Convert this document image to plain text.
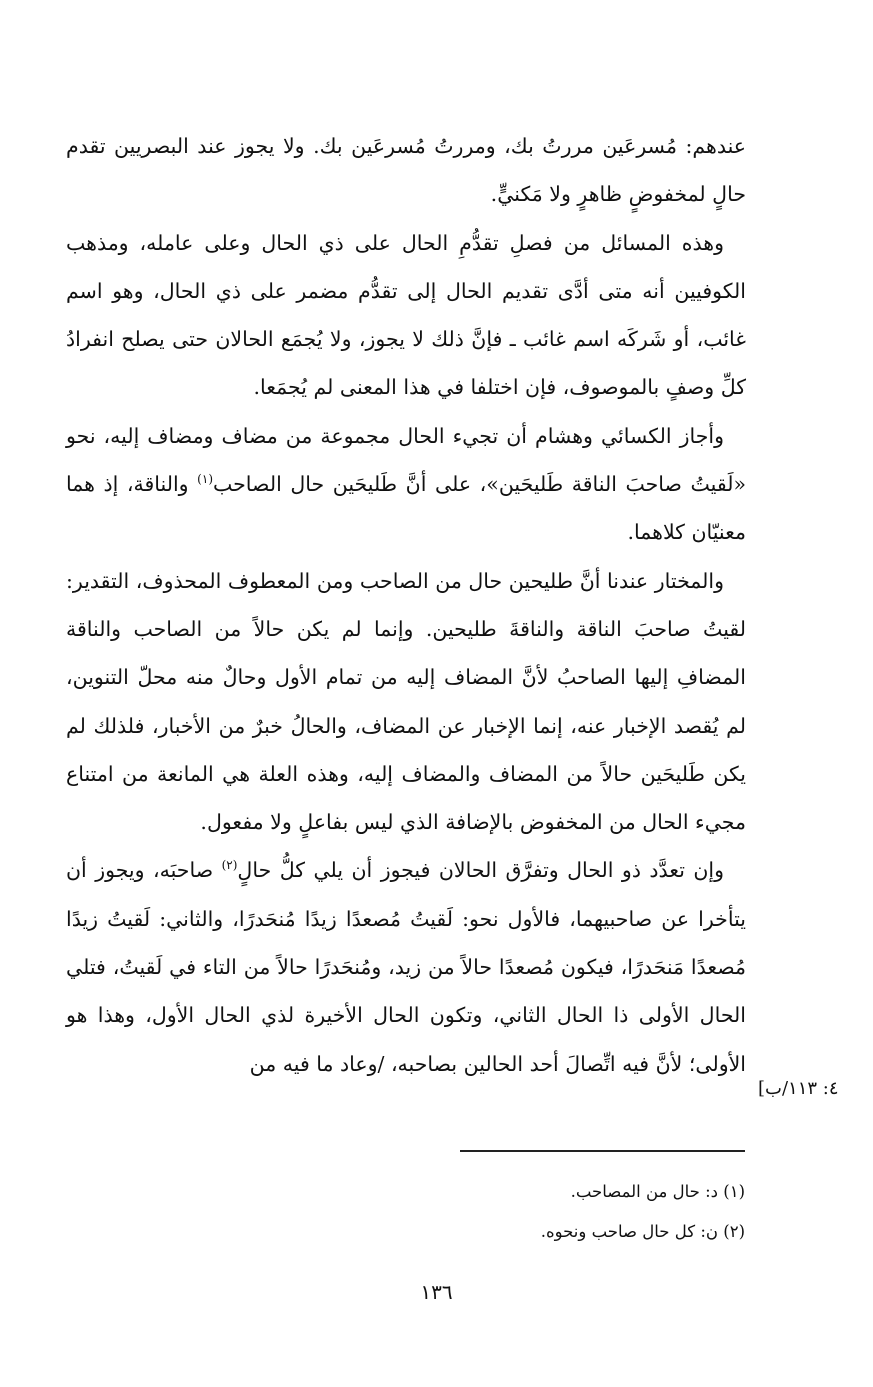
عندهم: مُسرعَين مررتُ بك، ومررتُ مُسرعَين بك. ولا يجوز عند البصريين تقدم حالٍ لمخفوضٍ ظاهرٍ ولا مَكنيٍّ.

وهذه المسائل من فصلِ تقدُّمِ الحال على ذي الحال وعلى عامله، ومذهب الكوفيين أنه متى أدَّى تقديم الحال إلى تقدُّم مضمر على ذي الحال، وهو اسم غائب، أو شَركَه اسم غائب ـ فإنَّ ذلك لا يجوز، ولا يُجمَع الحالان حتى يصلح انفرادُ كلِّ وصفٍ بالموصوف، فإن اختلفا في هذا المعنى لم يُجمَعا.

وأجاز الكسائي وهشام أن تجيء الحال مجموعة من مضاف ومضاف إليه، نحو «لَقيتُ صاحبَ الناقة طَليحَين»، على أنَّ طَليحَين حال الصاحب$^{(١)}$ والناقة، إذ هما معنيّان كلاهما.

والمختار عندنا أنَّ طليحين حال من الصاحب ومن المعطوف المحذوف، التقدير: لقيتُ صاحبَ الناقة والناقةَ طليحين. وإنما لم يكن حالاً من الصاحب والناقة المضافِ إليها الصاحبُ لأنَّ المضاف إليه من تمام الأول وحالٌ منه محلّ التنوين، لم يُقصد الإخبار عنه، إنما الإخبار عن المضاف، والحالُ خبرٌ من الأخبار، فلذلك لم يكن طَليحَين حالاً من المضاف والمضاف إليه، وهذه العلة هي المانعة من امتناع مجيء الحال من المخفوض بالإضافة الذي ليس بفاعلٍ ولا مفعول.

وإن تعدَّد ذو الحال وتفرَّق الحالان فيجوز أن يلي كلُّ حالٍ$^{(٢)}$ صاحبَه، ويجوز أن يتأخرا عن صاحبيهما، فالأول نحو: لَقيتُ مُصعدًا زيدًا مُنحَدرًا، والثاني: لَقيتُ زيدًا مُصعدًا مَنحَدرًا، فيكون مُصعدًا حالاً من زيد، ومُنحَدرًا حالاً من التاء في لَقيتُ، فتلي الحال الأولى ذا الحال الثاني، وتكون الحال الأخيرة لذي الحال الأول، وهذا هو الأولى؛ لأنَّ فيه اتِّصالَ أحد الحالين بصاحبه، /وعاد ما فيه من

٤: ١١٣/ب]
(١) د: حال من المصاحب.
(٢) ن: كل حال صاحب ونحوه.
١٣٦
